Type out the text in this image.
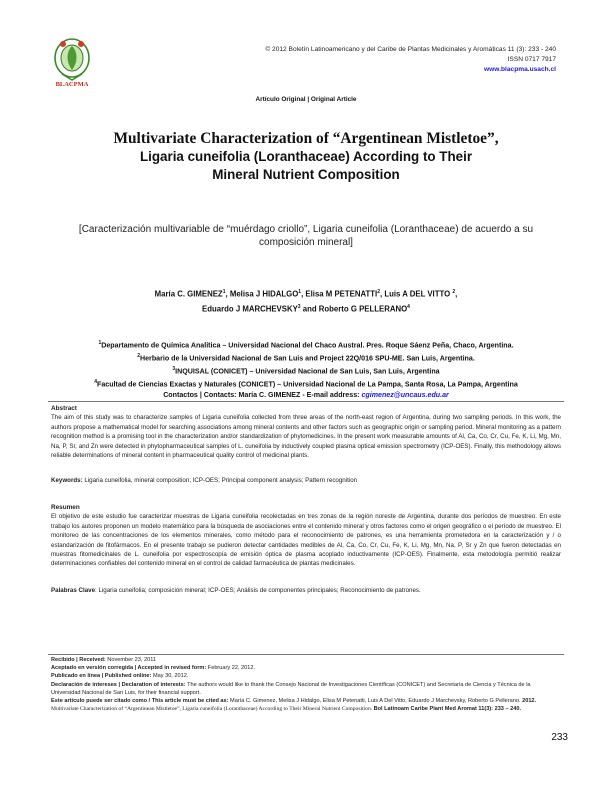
BLACPMA
© 2012 Boletín Latinoamericano y del Caribe de Plantas Medicinales y Aromáticas 11 (3): 233 - 240
ISSN 0717 7917
www.blacpma.usach.cl
Artículo Original | Original Article
Multivariate Characterization of “Argentinean Mistletoe”,
Ligaria cuneifolia (Loranthaceae) According to Their
Mineral Nutrient Composition
[Caracterización multivariable de “muérdago criollo”, Ligaria cuneifolia (Loranthaceae) de acuerdo a su composición mineral]
María C. GIMENEZ$^1$, Melisa J HIDALGO$^1$, Elisa M PETENATTI$^2$, Luis A DEL VITTO $^2$,
Eduardo J MARCHEVSKY$^3$ and Roberto G PELLERANO$^4$
$^1$Departamento de Química Analítica – Universidad Nacional del Chaco Austral. Pres. Roque Sáenz Peña, Chaco, Argentina.
$^2$Herbario de la Universidad Nacional de San Luis and Project 22Q/016 SPU-ME. San Luis, Argentina.
$^3$INQUISAL (CONICET) – Universidad Nacional de San Luis, San Luis, Argentina
$^4$Facultad de Ciencias Exactas y Naturales (CONICET) – Universidad Nacional de La Pampa, Santa Rosa, La Pampa, Argentina
Contactos | Contacts: María C. GIMENEZ - E-mail address: cgimenez@uncaus.edu.ar
Abstract
The aim of this study was to characterize samples of Ligaria cuneifolia collected from three areas of the north-east region of Argentina, during two sampling periods. In this work, the authors propose a mathematical model for searching associations among mineral contents and other factors such as geographic origin or sampling period. Mineral monitoring as a pattern recognition method is a promising tool in the characterization and/or standardization of phytomedicines. In the present work measurable amounts of Al, Ca, Co, Cr, Cu, Fe, K, Li, Mg, Mn, Na, P, Sr, and Zn were detected in phytopharmaceutical samples of L. cuneifolia by inductively coupled plasma optical emission spectrometry (ICP-OES). Finally, this methodology allows reliable determinations of mineral content in pharmaceutical quality control of medicinal plants.
Keywords: Ligaria cuneifolia, mineral composition; ICP-OES; Principal component analysis; Pattern recognition
Resumen
El objetivo de este estudio fue caracterizar muestras de Ligaria cuneifolia recolectadas en tres zonas de la región noreste de Argentina, durante dos períodos de muestreo. En este trabajo los autores proponen un modelo matemático para la búsqueda de asociaciones entre el contenido mineral y otros factores como el origen geográfico o el período de muestreo. El monitoreo de las concentraciones de los elementos minerales, como método para el reconocimiento de patrones, es una herramienta prometedora en la caracterización y / o estandarización de fitofármacos. En el presente trabajo se pudieron detectar cantidades medibles de Al, Ca, Co, Cr, Cu, Fe, K, Li, Mg, Mn, Na, P, Sr y Zn que fueron detectadas en muestras fitomedicinales de L. cuneifolia por espectroscopía de emisión óptica de plasma acoplado inductivamente (ICP-OES). Finalmente, esta metodología permitió realizar determinaciones confiables del contenido mineral en el control de calidad farmacéutica de plantas medicinales.
Palabras Clave: Ligaria cuneifolia; composición mineral; ICP-OES; Análisis de componentes principales; Reconocimiento de patrones.
Recibido | Received: November 23, 2011
Aceptado en versión corregida | Accepted in revised form: February 22, 2012.
Publicado en línea | Published online: May 30, 2012.
Declaración de intereses | Declaration of interests: The authors would like to thank the Consejo Nacional de Investigaciones Científicas (CONICET) and Secretaría de Ciencia y Técnica de la Universidad Nacional de San Luis, for their financial support.
Este artículo puede ser citado como / This article must be cited as: María C. Gimenez, Melisa J Hidalgo, Elisa M Petenatti, Luis A Del Vitto, Eduardo J Marchevsky, Roberto G Pellerano. 2012. Multivariate Characterization of “Argentinean Mistletoe”, Ligaria cuneifolia (Loranthaceae) According to Their Mineral Nutrient Composition. Bol Latinoam Caribe Plant Med Aromat 11(3): 233 – 240.
233
